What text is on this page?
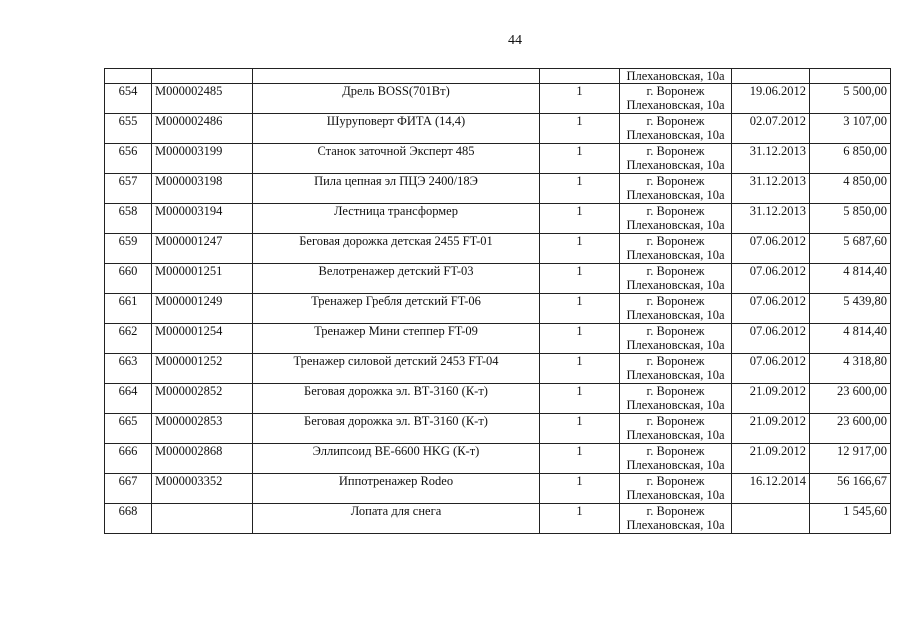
44
				Плехановская, 10а		
654	М000002485	Дрель BOSS(701Вт)	1	г. Воронеж
Плехановская, 10а	19.06.2012	5 500,00
655	М000002486	Шуруповерт ФИТА (14,4)	1	г. Воронеж
Плехановская, 10а	02.07.2012	3 107,00
656	М000003199	Станок заточной Эксперт 485	1	г. Воронеж
Плехановская, 10а	31.12.2013	6 850,00
657	М000003198	Пила цепная эл ПЦЭ 2400/18Э	1	г. Воронеж
Плехановская, 10а	31.12.2013	4 850,00
658	М000003194	Лестница трансформер	1	г. Воронеж
Плехановская, 10а	31.12.2013	5 850,00
659	М000001247	Беговая дорожка детская 2455 FT-01	1	г. Воронеж
Плехановская, 10а	07.06.2012	5 687,60
660	М000001251	Велотренажер детский FT-03	1	г. Воронеж
Плехановская, 10а	07.06.2012	4 814,40
661	М000001249	Тренажер Гребля детский FT-06	1	г. Воронеж
Плехановская, 10а	07.06.2012	5 439,80
662	М000001254	Тренажер Мини степпер FT-09	1	г. Воронеж
Плехановская, 10а	07.06.2012	4 814,40
663	М000001252	Тренажер силовой детский 2453 FT-04	1	г. Воронеж
Плехановская, 10а	07.06.2012	4 318,80
664	М000002852	Беговая дорожка эл. ВТ-3160 (К-т)	1	г. Воронеж
Плехановская, 10а	21.09.2012	23 600,00
665	М000002853	Беговая дорожка эл. ВТ-3160 (К-т)	1	г. Воронеж
Плехановская, 10а	21.09.2012	23 600,00
666	М000002868	Эллипсоид ВЕ-6600 HKG (К-т)	1	г. Воронеж
Плехановская, 10а	21.09.2012	12 917,00
667	М000003352	Иппотренажер Rodeo	1	г. Воронеж
Плехановская, 10а	16.12.2014	56 166,67
668		Лопата для снега	1	г. Воронеж
Плехановская, 10а		1 545,60
